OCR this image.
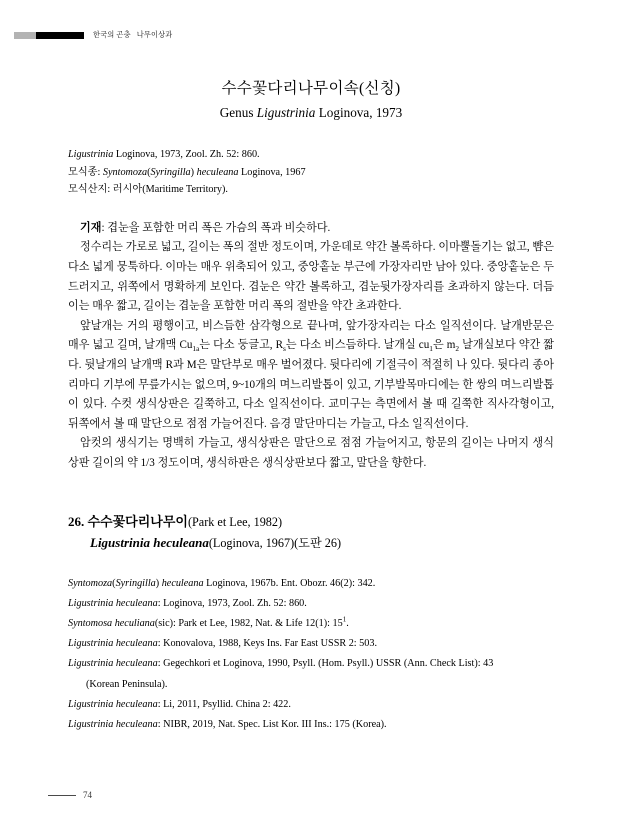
한국의 곤충   나무이상과
수수꽃다리나무이속(신칭)
Genus Ligustrinia Loginova, 1973
Ligustrinia Loginova, 1973, Zool. Zh. 52: 860.
모식종: Syntomoza(Syringilla) heculeana Loginova, 1967
모식산지: 러시아(Maritime Territory).

기재: 겹눈을 포함한 머리 폭은 가슴의 폭과 비슷하다.

정수리는 가로로 넓고, 길이는 폭의 절반 정도이며, 가운데로 약간 볼록하다. 이마뿔돌기는 없고, 뺨은 다소 넓게 뭉툭하다. 이마는 매우 위축되어 있고, 중앙홑눈 부근에 가장자리만 남아 있다. 중앙홑눈은 두드러지고, 위쪽에서 명확하게 보인다. 겹눈은 약간 볼록하고, 겹눈뒷가장자리를 초과하지 않는다. 더듬이는 매우 짧고, 길이는 겹눈을 포함한 머리 폭의 절반을 약간 초과한다.

앞날개는 거의 평행이고, 비스듬한 삼각형으로 끝나며, 앞가장자리는 다소 일직선이다. 날개반문은 매우 넓고 길며, 날개맥 $Cu_{1a}$는 다소 둥글고, $R_s$는 다소 비스듬하다. 날개실 $cu_1$은 $m_2$ 날개실보다 약간 짧다. 뒷날개의 날개맥 R과 M은 말단부로 매우 벌어졌다. 뒷다리에 기절극이 적절히 나 있다. 뒷다리 종아리마디 기부에 무릎가시는 없으며, 9~10개의 며느리발톱이 있고, 기부발목마디에는 한 쌍의 며느리발톱이 있다. 수컷 생식상판은 길쭉하고, 다소 일직선이다. 교미구는 측면에서 볼 때 길쭉한 직사각형이고, 뒤쪽에서 볼 때 말단으로 점점 가늘어진다. 음경 말단마디는 가늘고, 다소 일직선이다.

암컷의 생식기는 명백히 가늘고, 생식상판은 말단으로 점점 가늘어지고, 항문의 길이는 나머지 생식상판 길이의 약 1/3 정도이며, 생식하판은 생식상판보다 짧고, 말단을 향한다.

26. 수수꽃다리나무이(Park et Lee, 1982)
Ligustrinia heculeana(Loginova, 1967)(도판 26)
Syntomoza(Syringilla) heculeana Loginova, 1967b. Ent. Obozr. 46(2): 342.
Ligustrinia heculeana: Loginova, 1973, Zool. Zh. 52: 860.
Syntomosa heculiana(sic): Park et Lee, 1982, Nat. & Life 12(1): $15^1$.
Ligustrinia heculeana: Konovalova, 1988, Keys Ins. Far East USSR 2: 503.
Ligustrinia heculeana: Gegechkori et Loginova, 1990, Psyll. (Hom. Psyll.) USSR (Ann. Check List): 43
(Korean Peninsula).
Ligustrinia heculeana: Li, 2011, Psyllid. China 2: 422.
Ligustrinia heculeana: NIBR, 2019, Nat. Spec. List Kor. III Ins.: 175 (Korea).
74
